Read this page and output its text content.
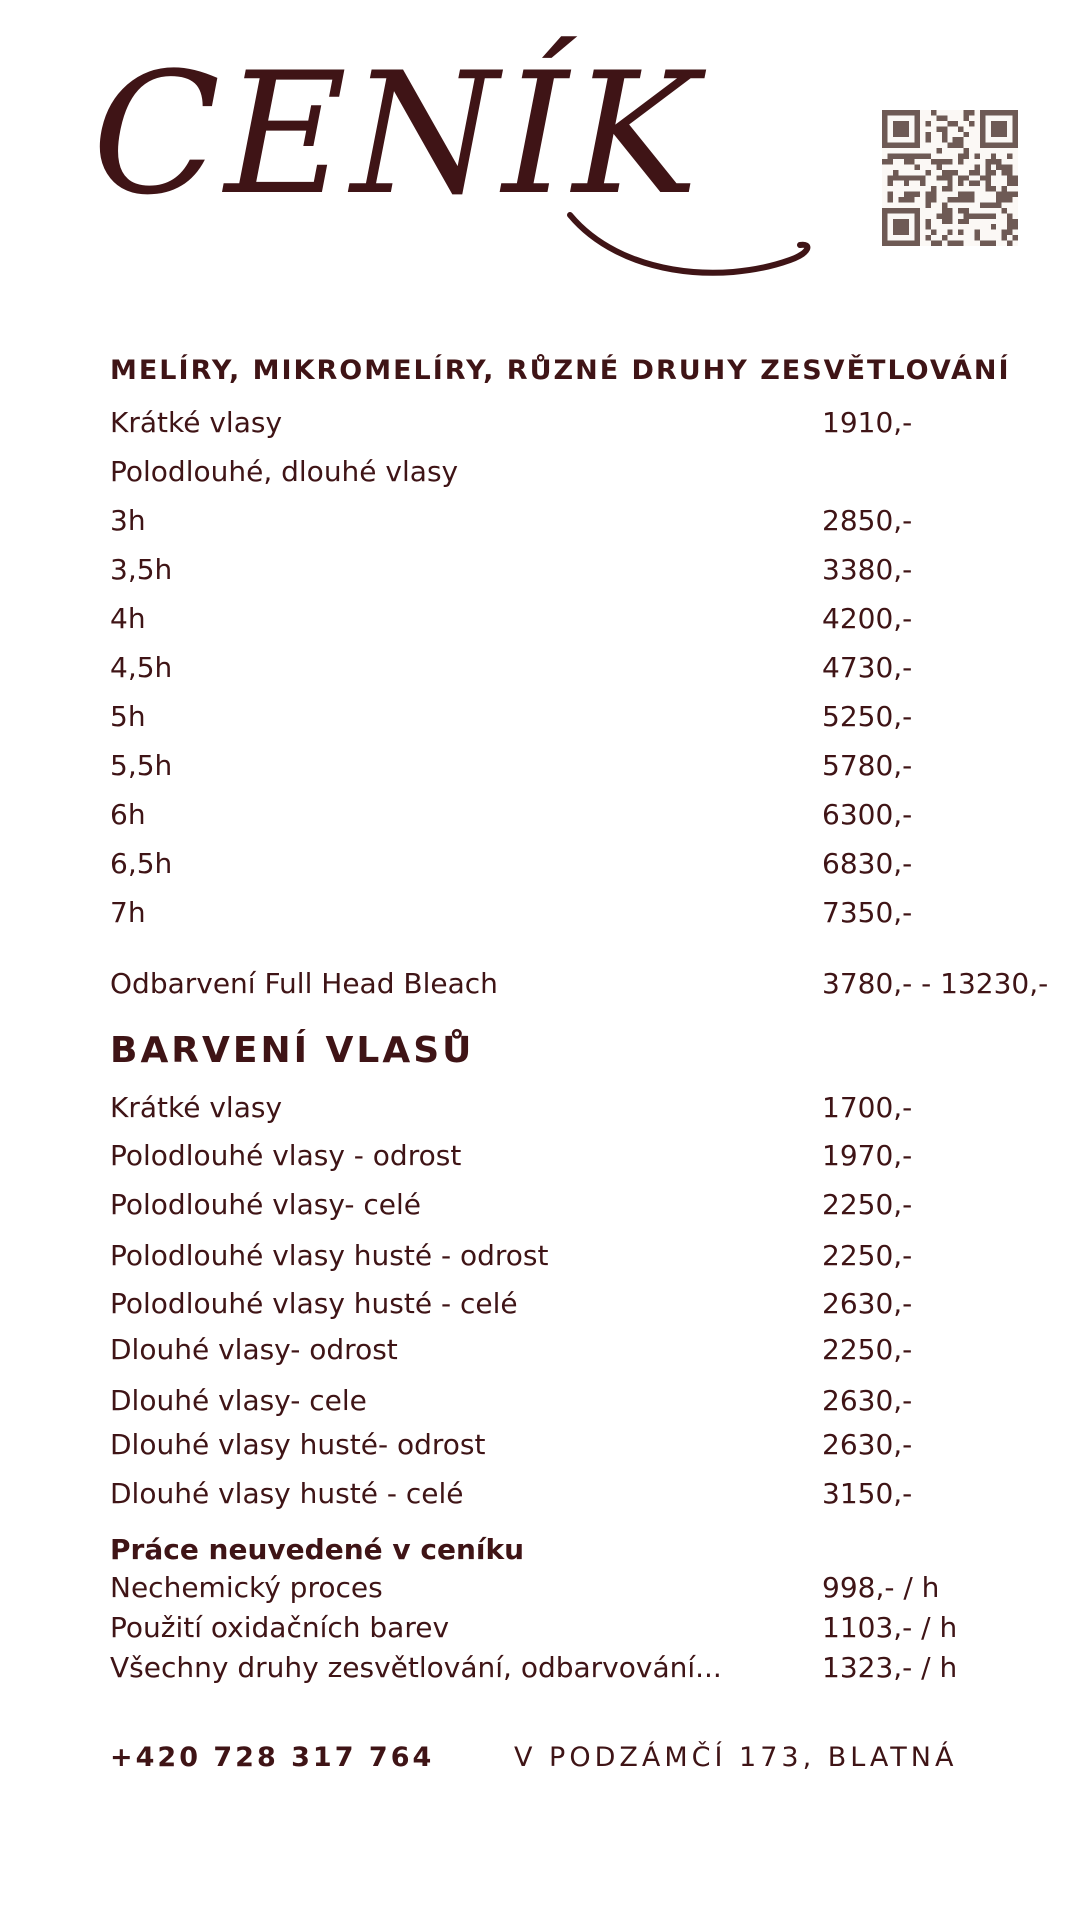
CENÍK
MELÍRY, MIKROMELÍRY, RŮZNÉ DRUHY ZESVĚTLOVÁNÍ
Krátké vlasy	1910,-
Polodlouhé, dlouhé vlasy
3h	2850,-
3,5h	3380,-
4h	4200,-
4,5h	4730,-
5h	5250,-
5,5h	5780,-
6h	6300,-
6,5h	6830,-
7h	7350,-
Odbarvení Full Head Bleach	3780,- - 13230,-
BARVENÍ VLASŮ
Krátké vlasy	1700,-
Polodlouhé vlasy - odrost	1970,-
Polodlouhé vlasy- celé	2250,-
Polodlouhé vlasy husté - odrost	2250,-
Polodlouhé vlasy husté - celé	2630,-
Dlouhé vlasy- odrost	2250,-
Dlouhé vlasy- cele	2630,-
Dlouhé vlasy husté- odrost	2630,-
Dlouhé vlasy husté - celé	3150,-
Práce neuvedené v ceníku
Nechemický proces	998,- / h
Použití oxidačních barev	1103,- / h
Všechny druhy zesvětlování, odbarvování...	1323,- / h
+420 728 317 764	V PODZÁMČÍ 173, BLATNÁ
